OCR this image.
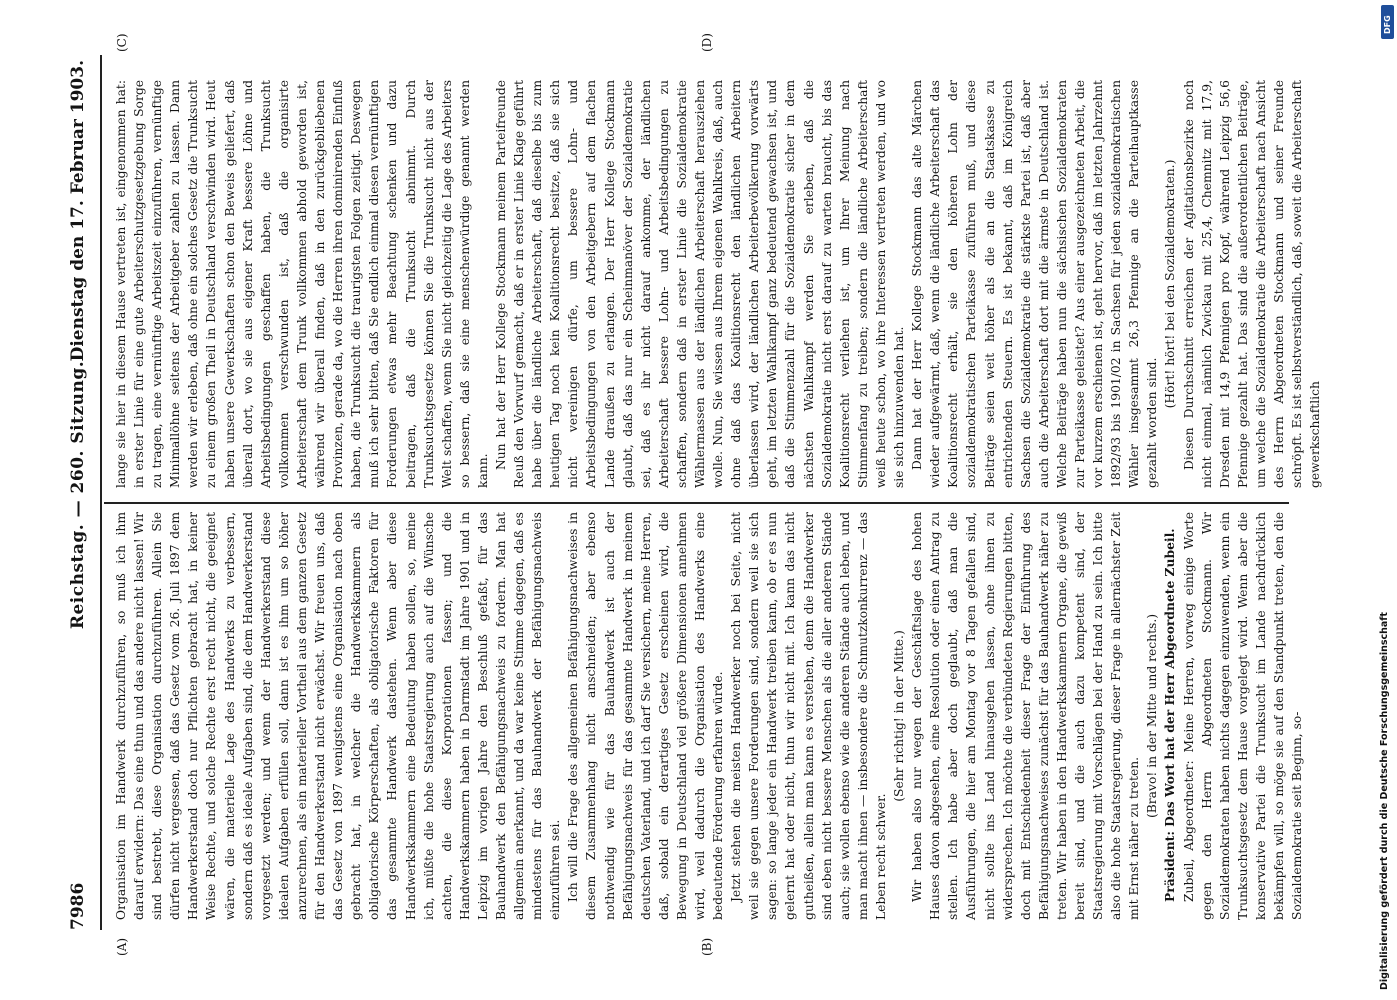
7986
Reichstag. — 260. Sitzung.
Dienstag den 17. Februar 1903.
(A)	(B)
(C)	(D)

Organisation im Handwerk durchzuführen, so muß ich ihm darauf erwidern: Das eine thun und das andere nicht lassen! Wir sind bestrebt, diese Organisation durchzuführen. Allein Sie dürfen nicht vergessen, daß das Gesetz vom 26. Juli 1897 dem Handwerkerstand doch nur Pflichten gebracht hat, in keiner Weise Rechte, und solche Rechte erst recht nicht, die geeignet wären, die materielle Lage des Handwerks zu verbessern, sondern daß es ideale Aufgaben sind, die dem Handwerkerstand vorgesetzt werden; und wenn der Handwerkerstand diese idealen Aufgaben erfüllen soll, dann ist es ihm um so höher anzurechnen, als ein materieller Vortheil aus dem ganzen Gesetz für den Handwerkerstand nicht erwächst. Wir freuen uns, daß das Gesetz von 1897 wenigstens eine Organisation nach oben gebracht hat, in welcher die Handwerkskammern als obligatorische Körperschaften, als obligatorische Faktoren für das gesammte Handwerk dastehen. Wenn aber diese Handwerkskammern eine Bedeutung haben sollen, so, meine ich, müßte die hohe Staatsregierung auch auf die Wünsche achten, die diese Korporationen fassen; und die Handwerkskammern haben in Darmstadt im Jahre 1901 und in Leipzig im vorigen Jahre den Beschluß gefaßt, für das Bauhandwerk den Befähigungsnachweis zu fordern. Man hat allgemein anerkannt, und da war keine Stimme dagegen, daß es mindestens für das Bauhandwerk der Befähigungsnachweis einzuführen sei. Ich will die Frage des allgemeinen Befähigungsnachweises in diesem Zusammenhang nicht anschneiden; aber ebenso nothwendig wie für das Bauhandwerk ist auch der Befähigungsnachweis für das gesammte Handwerk in meinem deutschen Vaterland, und ich darf Sie versichern, meine Herren, daß, sobald ein derartiges Gesetz erscheinen wird, die Bewegung in Deutschland viel größere Dimensionen annehmen wird, weil dadurch die Organisation des Handwerks eine bedeutende Förderung erfahren würde. Jetzt stehen die meisten Handwerker noch bei Seite, nicht weil sie gegen unsere Forderungen sind, sondern weil sie sich sagen: so lange jeder ein Handwerk treiben kann, ob er es nun gelernt hat oder nicht, thun wir nicht mit. Ich kann das nicht gutheißen, allein man kann es verstehen, denn die Handwerker sind eben nicht bessere Menschen als die aller anderen Stände auch; sie wollen ebenso wie die anderen Stände auch leben, und man macht ihnen — insbesondere die Schmutzkonkurrenz — das Leben recht schwer.

(Sehr richtig! in der Mitte.) Wir haben also nur wegen der Geschäftslage des hohen Hauses davon abgesehen, eine Resolution oder einen Antrag zu stellen. Ich habe aber doch geglaubt, daß man die Ausführungen, die hier am Montag vor 8 Tagen gefallen sind, nicht sollte ins Land hinausgehen lassen, ohne ihnen zu widersprechen. Ich möchte die verbündeten Regierungen bitten, doch mit Entschiedenheit dieser Frage der Einführung des Befähigungsnachweises zunächst für das Bauhandwerk näher zu treten. Wir haben in den Handwerkskammern Organe, die gewiß bereit sind, und die auch dazu kompetent sind, der Staatsregierung mit Vorschlägen bei der Hand zu sein. Ich bitte also die hohe Staatsregierung, dieser Frage in allernächster Zeit mit Ernst näher zu treten.

(Bravo! in der Mitte und rechts.) Präsident: Das Wort hat der Herr Abgeordnete Zubeil. Zubeil, Abgeordneter: Meine Herren, vorweg einige Worte gegen den Herrn Abgeordneten Stockmann. Wir Sozialdemokraten haben nichts dagegen einzuwenden, wenn ein Trunksuchtsgesetz dem Hause vorgelegt wird. Wenn aber die konservative Partei die Trunksucht im Lande nachdrücklich bekämpfen will, so möge sie auf den Standpunkt treten, den die Sozialdemokratie seit Beginn, so-

lange sie hier in diesem Hause vertreten ist, eingenommen hat: in erster Linie für eine gute Arbeiterschutzgesetzgebung Sorge zu tragen, eine vernünftige Arbeitszeit einzuführen, vernünftige Minimallöhne seitens der Arbeitgeber zahlen zu lassen. Dann werden wir erleben, daß ohne ein solches Gesetz die Trunksucht zu einem großen Theil in Deutschland verschwinden wird. Heut haben unsere Gewerkschaften schon den Beweis geliefert, daß überall dort, wo sie aus eigener Kraft bessere Löhne und Arbeitsbedingungen geschaffen haben, die Trunksucht vollkommen verschwunden ist, daß die organisirte Arbeiterschaft dem Trunk vollkommen abhold geworden ist, während wir überall finden, daß in den zurückgebliebenen Provinzen, gerade da, wo die Herren ihren dominirenden Einfluß haben, die Trunksucht die traurigsten Folgen zeitigt. Deswegen muß ich sehr bitten, daß Sie endlich einmal diesen vernünftigen Forderungen etwas mehr Beachtung schenken und dazu beitragen, daß die Trunksucht abnimmt. Durch Trunksuchtsgesetze können Sie die Trunksucht nicht aus der Welt schaffen, wenn Sie nicht gleichzeitig die Lage des Arbeiters so bessern, daß sie eine menschenwürdige genannt werden kann.

Nun hat der Herr Kollege Stockmann meinem Parteifreunde Reuß den Vorwurf gemacht, daß er in erster Linie Klage geführt habe über die ländliche Arbeiterschaft, daß dieselbe bis zum heutigen Tag noch kein Koalitionsrecht besitze, daß sie sich nicht vereinigen dürfe, um bessere Lohn- und Arbeitsbedingungen von den Arbeitgebern auf dem flachen Lande draußen zu erlangen. Der Herr Kollege Stockmann glaubt, daß das nur ein Scheinmanöver der Sozialdemokratie sei, daß es ihr nicht darauf ankomme, der ländlichen Arbeiterschaft bessere Lohn- und Arbeitsbedingungen zu schaffen, sondern daß in erster Linie die Sozialdemokratie Wählermassen aus der ländlichen Arbeiterschaft herausziehen wolle. Nun, Sie wissen aus Ihrem eigenen Wahlkreis, daß, auch ohne daß das Koalitionsrecht den ländlichen Arbeitern überlassen wird, der ländlichen Arbeiterbevölkerung vorwärts geht, im letzten Wahlkampf ganz bedeutend gewachsen ist, und daß die Stimmenzahl für die Sozialdemokratie sicher in dem nächsten Wahlkampf werden Sie erleben, daß die Sozialdemokratie nicht erst darauf zu warten braucht, bis das Koalitionsrecht verliehen ist, um Ihrer Meinung nach Stimmenfang zu treiben; sondern die ländliche Arbeiterschaft weiß heute schon, wo ihre Interessen vertreten werden, und wo sie sich hinzuwenden hat. Dann hat der Herr Kollege Stockmann das alte Märchen wieder aufgewärmt, daß, wenn die ländliche Arbeiterschaft das Koalitionsrecht erhält, sie den höheren Lohn der sozialdemokratischen Parteikasse zuführen muß, und diese Beiträge seien weit höher als die an die Staatskasse zu entrichtenden Steuern. Es ist bekannt, daß im Königreich Sachsen die Sozialdemokratie die stärkste Partei ist, daß aber auch die Arbeiterschaft dort mit die ärmste in Deutschland ist. Welche Beiträge haben nun die sächsischen Sozialdemokraten zur Parteikasse geleistet? Aus einer ausgezeichneten Arbeit, die vor kurzem erschienen ist, geht hervor, daß im letzten Jahrzehnt 1892/93 bis 1901/02 in Sachsen für jeden sozialdemokratischen Wähler insgesammt 26,3 Pfennige an die Parteihauptkasse gezahlt worden sind.

(Hört! hört! bei den Sozialdemokraten.) Diesen Durchschnitt erreichen der Agitationsbezirke noch nicht einmal, nämlich Zwickau mit 25,4, Chemnitz mit 17,9, Dresden mit 14,9 Pfennigen pro Kopf, während Leipzig 56,6 Pfennige gezahlt hat. Das sind die außerordentlichen Beiträge, um welche die Sozialdemokratie die Arbeiterschaft nach Ansicht des Herrn Abgeordneten Stockmann und seiner Freunde schröpft. Es ist selbstverständlich, daß, soweit die Arbeiterschaft gewerkschaftlich

Digitalisierung gefördert durch die Deutsche Forschungsgemeinschaft
DFG
